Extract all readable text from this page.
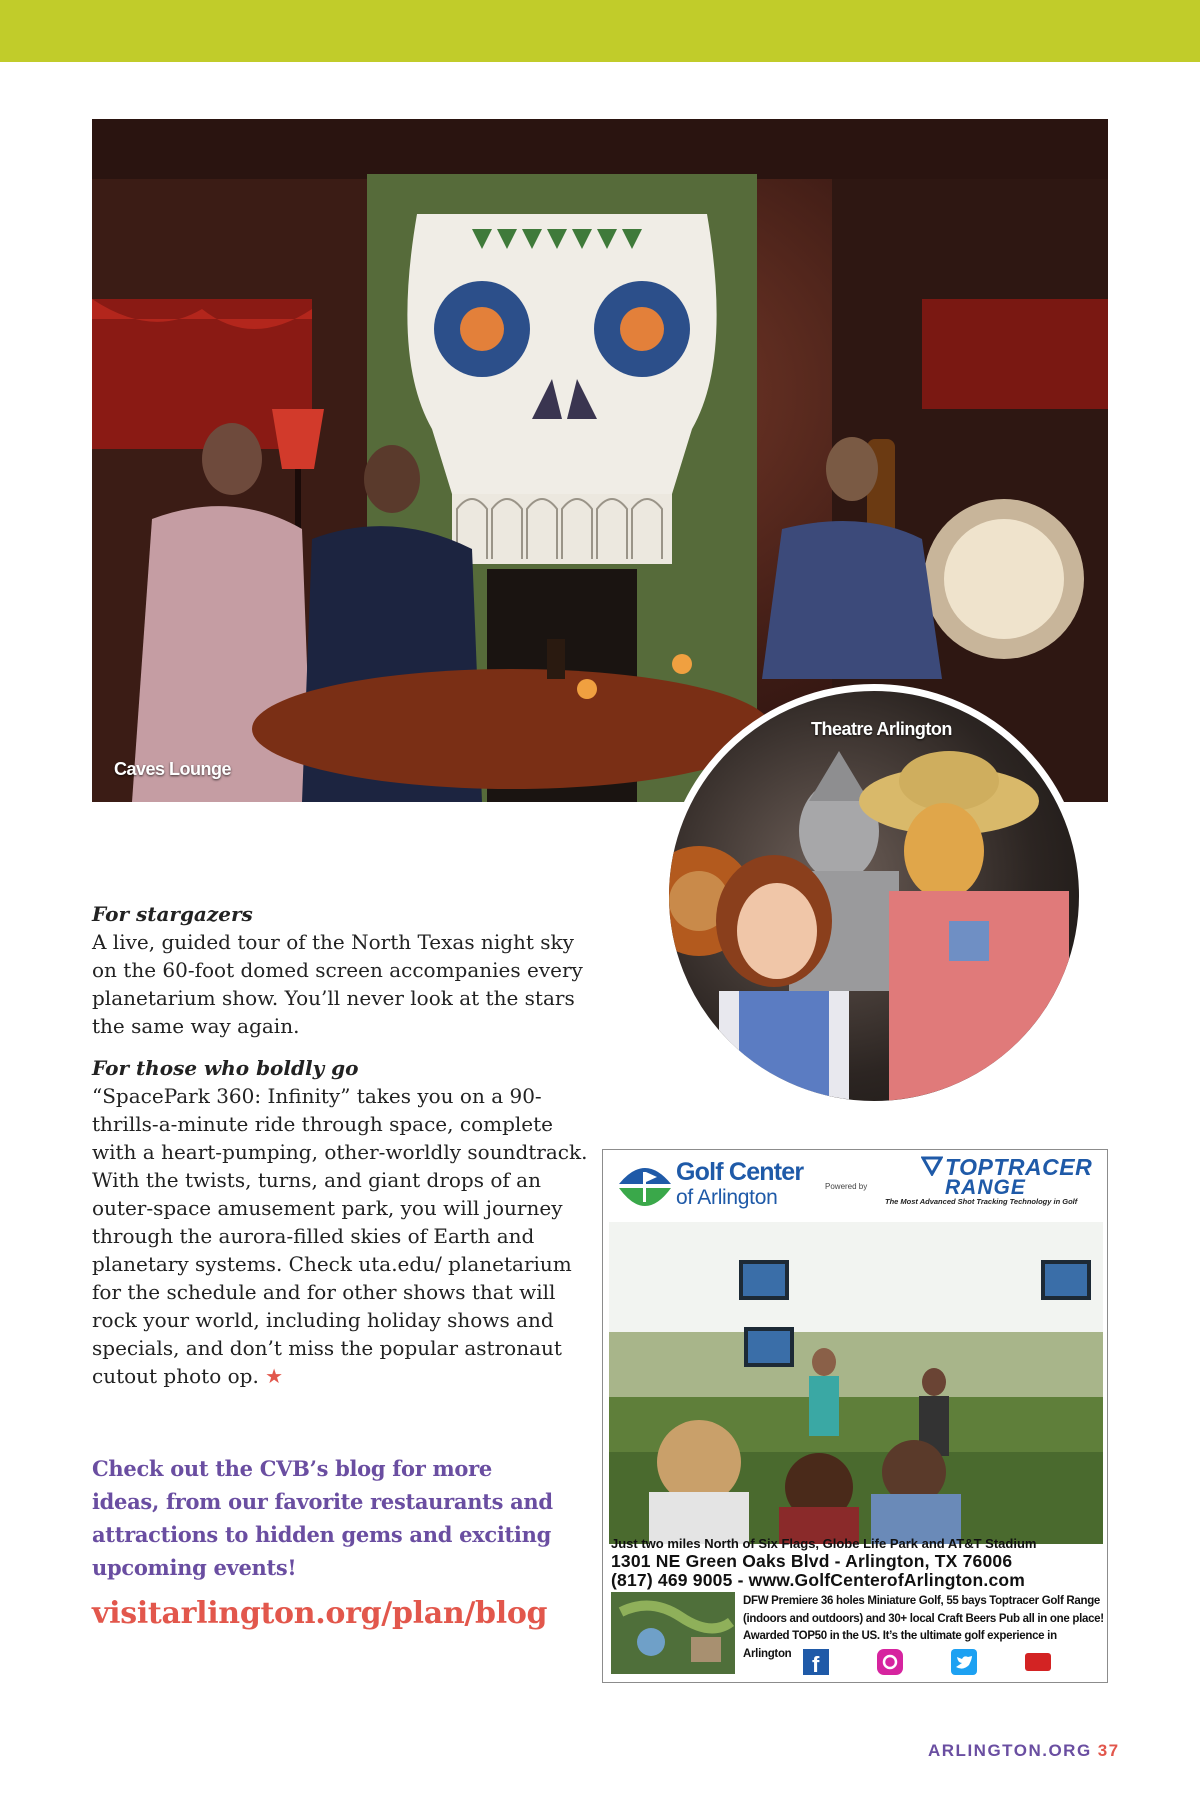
Caves Lounge
Theatre Arlington
For stargazers
A live, guided tour of the North Texas night sky on the 60-foot domed screen accompanies every planetarium show. You’ll never look at the stars the same way again.
For those who boldly go
“SpacePark 360: Infinity” takes you on a 90-thrills-a-minute ride through space, complete with a heart-pumping, other-worldly soundtrack. With the twists, turns, and giant drops of an outer-space amusement park, you will journey through the aurora-filled skies of Earth and planetary systems. Check uta.edu/ planetarium for the schedule and for other shows that will rock your world, including holiday shows and specials, and don’t miss the popular astronaut cutout photo op. ★
Check out the CVB’s blog for more ideas, from our favorite restaurants and attractions to hidden gems and exciting upcoming events!
visitarlington.org/plan/blog
Golf Center
of Arlington	Powered by
TOPTRACER
RANGE
The Most Advanced Shot Tracking Technology in Golf
Just two miles North of Six Flags, Globe Life Park and AT&T Stadium
1301 NE Green Oaks Blvd - Arlington, TX 76006
(817) 469 9005 - www.GolfCenterofArlington.com
DFW Premiere 36 holes Miniature Golf, 55 bays Toptracer Golf Range (indoors and outdoors) and 30+ local Craft Beers Pub all in one place! Awarded TOP50 in the US. It’s the ultimate golf experience in Arlington f
ARLINGTON.ORG 37
